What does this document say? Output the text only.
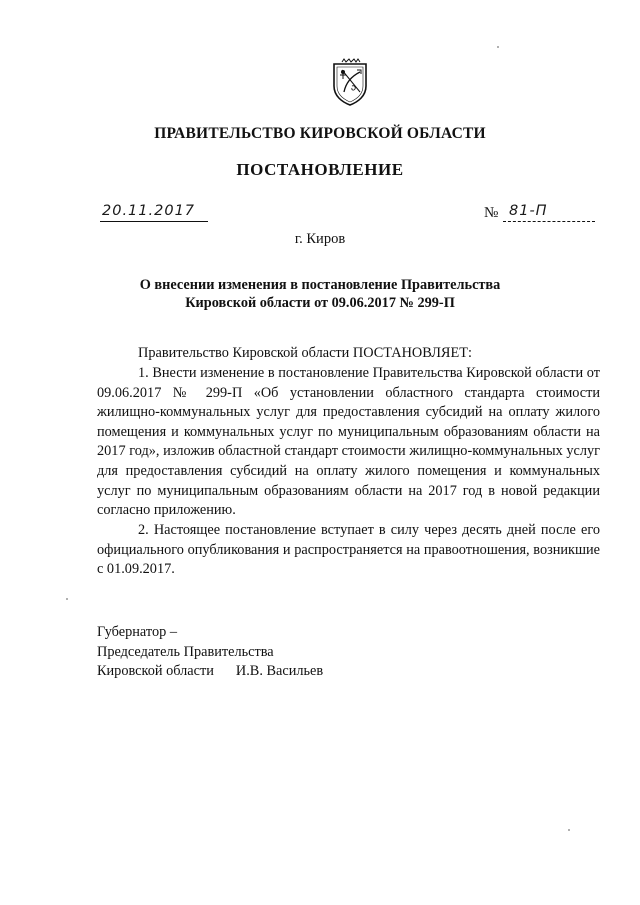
ПРАВИТЕЛЬСТВО КИРОВСКОЙ ОБЛАСТИ
ПОСТАНОВЛЕНИЕ
20.11.2017	№ 81-П
г. Киров
О внесении изменения в постановление Правительства
Кировской области от 09.06.2017 № 299-П
Правительство Кировской области ПОСТАНОВЛЯЕТ:
1. Внести изменение в постановление Правительства Кировской области от 09.06.2017 № 299-П «Об установлении областного стандарта стоимости жилищно-коммунальных услуг для предоставления субсидий на оплату жилого помещения и коммунальных услуг по муниципальным образованиям области на 2017 год», изложив областной стандарт стоимости жилищно-коммунальных услуг для предоставления субсидий на оплату жилого помещения и коммунальных услуг по муниципальным образованиям области на 2017 год в новой редакции согласно приложению.
2. Настоящее постановление вступает в силу через десять дней после его официального опубликования и распространяется на правоотношения, возникшие с 01.09.2017.
Губернатор –
Председатель Правительства
Кировской области И.В. Васильев
